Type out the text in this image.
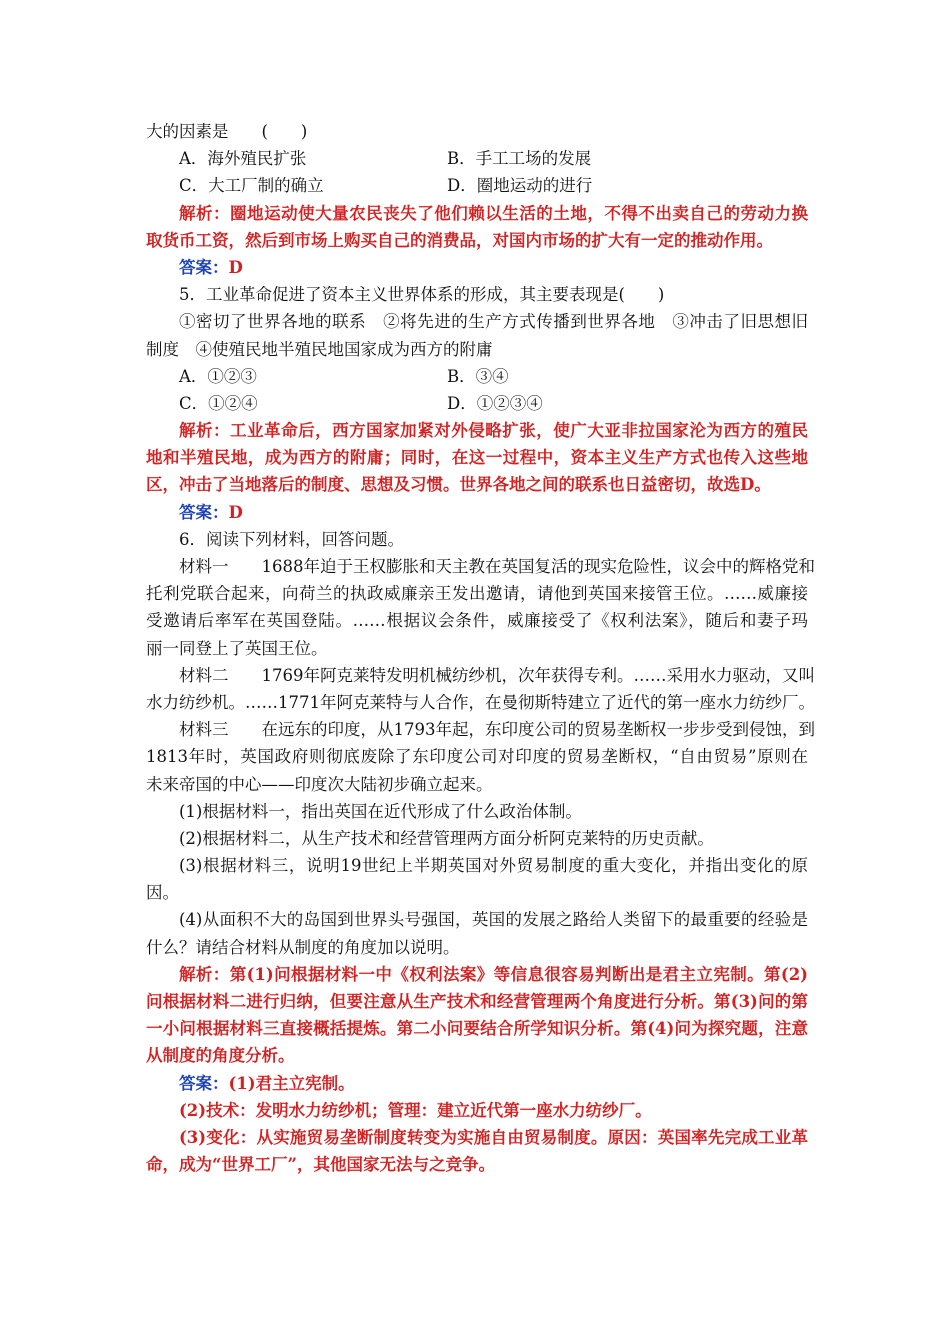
大的因素是　　(　　)
A．海外殖民扩张	B．手工工场的发展
C．大工厂制的确立	D．圈地运动的进行
解析：圈地运动使大量农民丧失了他们赖以生活的土地，不得不出卖自己的劳动力换
取货币工资，然后到市场上购买自己的消费品，对国内市场的扩大有一定的推动作用。
答案：D
5．工业革命促进了资本主义世界体系的形成，其主要表现是(　　)
①密切了世界各地的联系　②将先进的生产方式传播到世界各地　③冲击了旧思想旧
制度　④使殖民地半殖民地国家成为西方的附庸
A．①②③	B．③④
C．①②④	D．①②③④
解析：工业革命后，西方国家加紧对外侵略扩张，使广大亚非拉国家沦为西方的殖民
地和半殖民地，成为西方的附庸；同时，在这一过程中，资本主义生产方式也传入这些地
区，冲击了当地落后的制度、思想及习惯。世界各地之间的联系也日益密切，故选D。
答案：D
6．阅读下列材料，回答问题。
材料一　　1688年迫于王权膨胀和天主教在英国复活的现实危险性，议会中的辉格党和
托利党联合起来，向荷兰的执政威廉亲王发出邀请，请他到英国来接管王位。……威廉接
受邀请后率军在英国登陆。……根据议会条件，威廉接受了《权利法案》，随后和妻子玛
丽一同登上了英国王位。
材料二　　1769年阿克莱特发明机械纺纱机，次年获得专利。……采用水力驱动，又叫
水力纺纱机。……1771年阿克莱特与人合作，在曼彻斯特建立了近代的第一座水力纺纱厂。
材料三　　在远东的印度，从1793年起，东印度公司的贸易垄断权一步步受到侵蚀，到
1813年时，英国政府则彻底废除了东印度公司对印度的贸易垄断权，“自由贸易”原则在
未来帝国的中心——印度次大陆初步确立起来。
(1)根据材料一，指出英国在近代形成了什么政治体制。
(2)根据材料二，从生产技术和经营管理两方面分析阿克莱特的历史贡献。
(3)根据材料三，说明19世纪上半期英国对外贸易制度的重大变化，并指出变化的原
因。
(4)从面积不大的岛国到世界头号强国，英国的发展之路给人类留下的最重要的经验是
什么？请结合材料从制度的角度加以说明。
解析：第(1)问根据材料一中《权利法案》等信息很容易判断出是君主立宪制。第(2)
问根据材料二进行归纳，但要注意从生产技术和经营管理两个角度进行分析。第(3)问的第
一小问根据材料三直接概括提炼。第二小问要结合所学知识分析。第(4)问为探究题，注意
从制度的角度分析。
答案：(1)君主立宪制。
(2)技术：发明水力纺纱机；管理：建立近代第一座水力纺纱厂。
(3)变化：从实施贸易垄断制度转变为实施自由贸易制度。原因：英国率先完成工业革
命，成为“世界工厂”，其他国家无法与之竞争。
